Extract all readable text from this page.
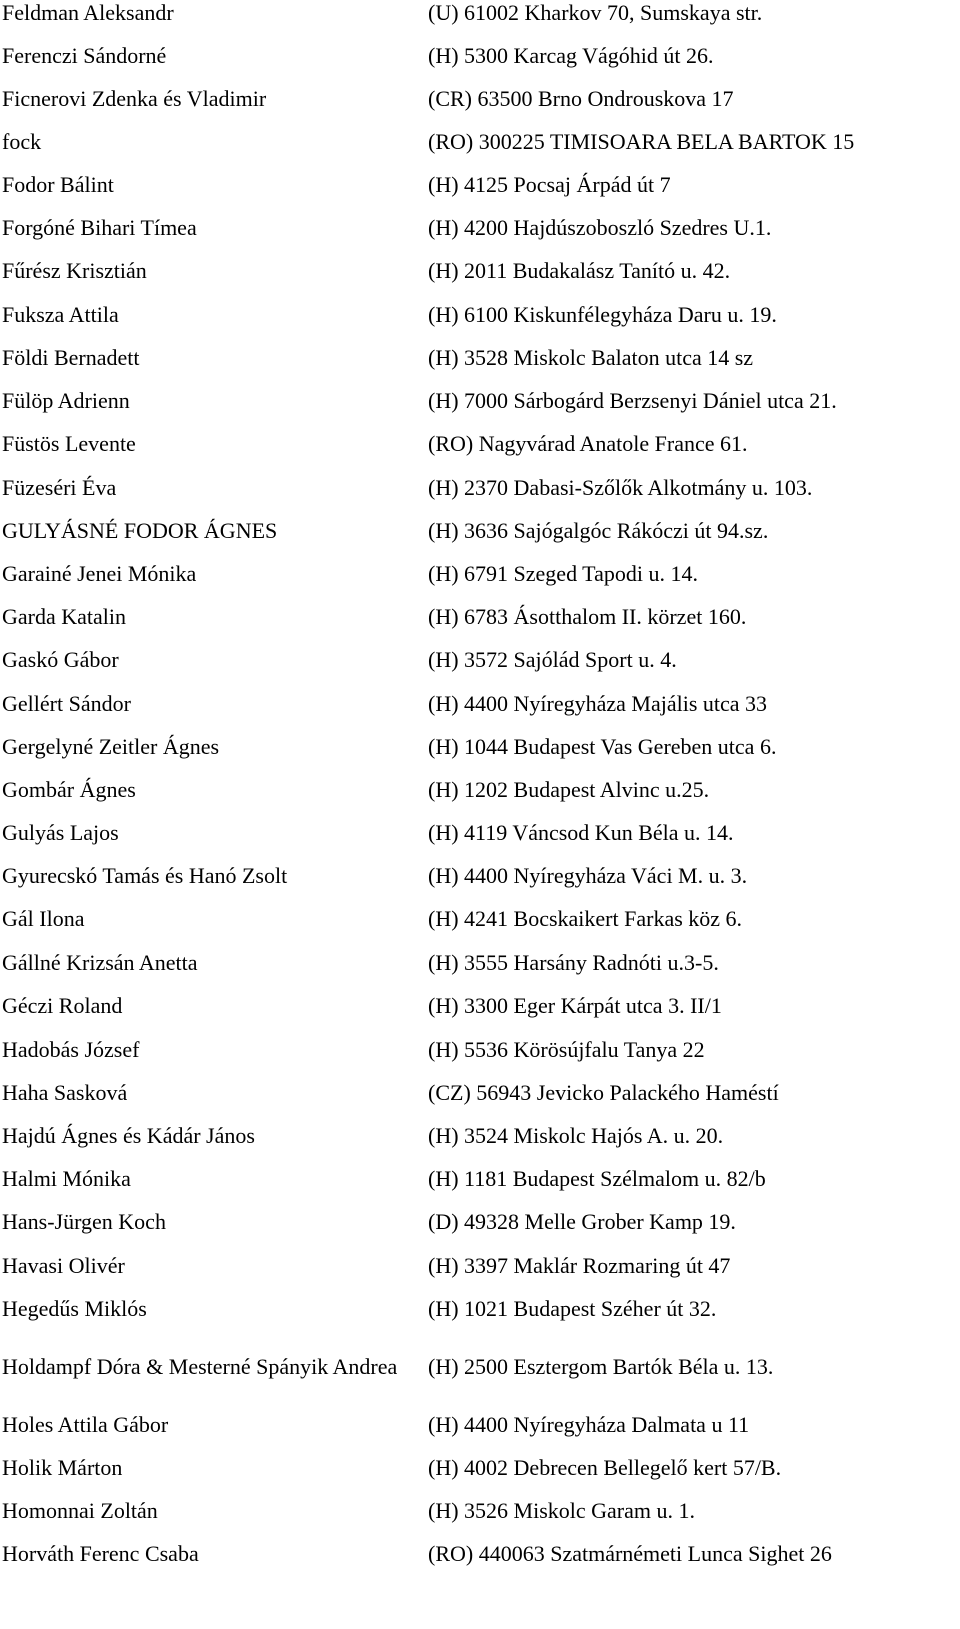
Feldman Aleksandr	(U) 61002 Kharkov 70, Sumskaya str.
Ferenczi Sándorné	(H) 5300 Karcag Vágóhid út 26.
Ficnerovi Zdenka és Vladimir	(CR) 63500 Brno Ondrouskova 17
fock	(RO) 300225 TIMISOARA BELA BARTOK 15
Fodor Bálint	(H) 4125 Pocsaj Árpád út 7
Forgóné Bihari Tímea	(H) 4200 Hajdúszoboszló Szedres U.1.
Fűrész Krisztián	(H) 2011 Budakalász Tanító u. 42.
Fuksza Attila	(H) 6100 Kiskunfélegyháza Daru u. 19.
Földi Bernadett	(H) 3528 Miskolc Balaton utca 14 sz
Fülöp Adrienn	(H) 7000 Sárbogárd Berzsenyi Dániel utca 21.
Füstös Levente	(RO) Nagyvárad Anatole France 61.
Füzeséri Éva	(H) 2370 Dabasi-Szőlők Alkotmány u. 103.
GULYÁSNÉ FODOR ÁGNES	(H) 3636 Sajógalgóc Rákóczi út 94.sz.
Garainé Jenei Mónika	(H) 6791 Szeged Tapodi u. 14.
Garda Katalin	(H) 6783 Ásotthalom II. körzet 160.
Gaskó Gábor	(H) 3572 Sajólád Sport u. 4.
Gellért Sándor	(H) 4400 Nyíregyháza Majális utca 33
Gergelyné Zeitler Ágnes	(H) 1044 Budapest Vas Gereben utca 6.
Gombár Ágnes	(H) 1202 Budapest Alvinc u.25.
Gulyás Lajos	(H) 4119 Váncsod Kun Béla u. 14.
Gyurecskó Tamás és Hanó Zsolt	(H) 4400 Nyíregyháza Váci M. u. 3.
Gál Ilona	(H) 4241 Bocskaikert Farkas köz 6.
Gállné Krizsán Anetta	(H) 3555 Harsány Radnóti u.3-5.
Géczi Roland	(H) 3300 Eger Kárpát utca 3. II/1
Hadobás József	(H) 5536 Körösújfalu Tanya 22
Haha Sasková	(CZ) 56943 Jevicko Palackého Haméstí
Hajdú Ágnes és Kádár János	(H) 3524 Miskolc Hajós A. u. 20.
Halmi Mónika	(H) 1181 Budapest Szélmalom u. 82/b
Hans-Jürgen Koch	(D) 49328 Melle Grober Kamp 19.
Havasi Olivér	(H) 3397 Maklár Rozmaring út 47
Hegedűs Miklós	(H) 1021 Budapest Széher út 32.
Holdampf Dóra & Mesterné Spányik Andrea	(H) 2500 Esztergom Bartók Béla u. 13.
Holes Attila Gábor	(H) 4400 Nyíregyháza Dalmata u 11
Holik Márton	(H) 4002 Debrecen Bellegelő kert 57/B.
Homonnai Zoltán	(H) 3526 Miskolc Garam u. 1.
Horváth Ferenc Csaba	(RO) 440063 Szatmárnémeti Lunca Sighet 26
